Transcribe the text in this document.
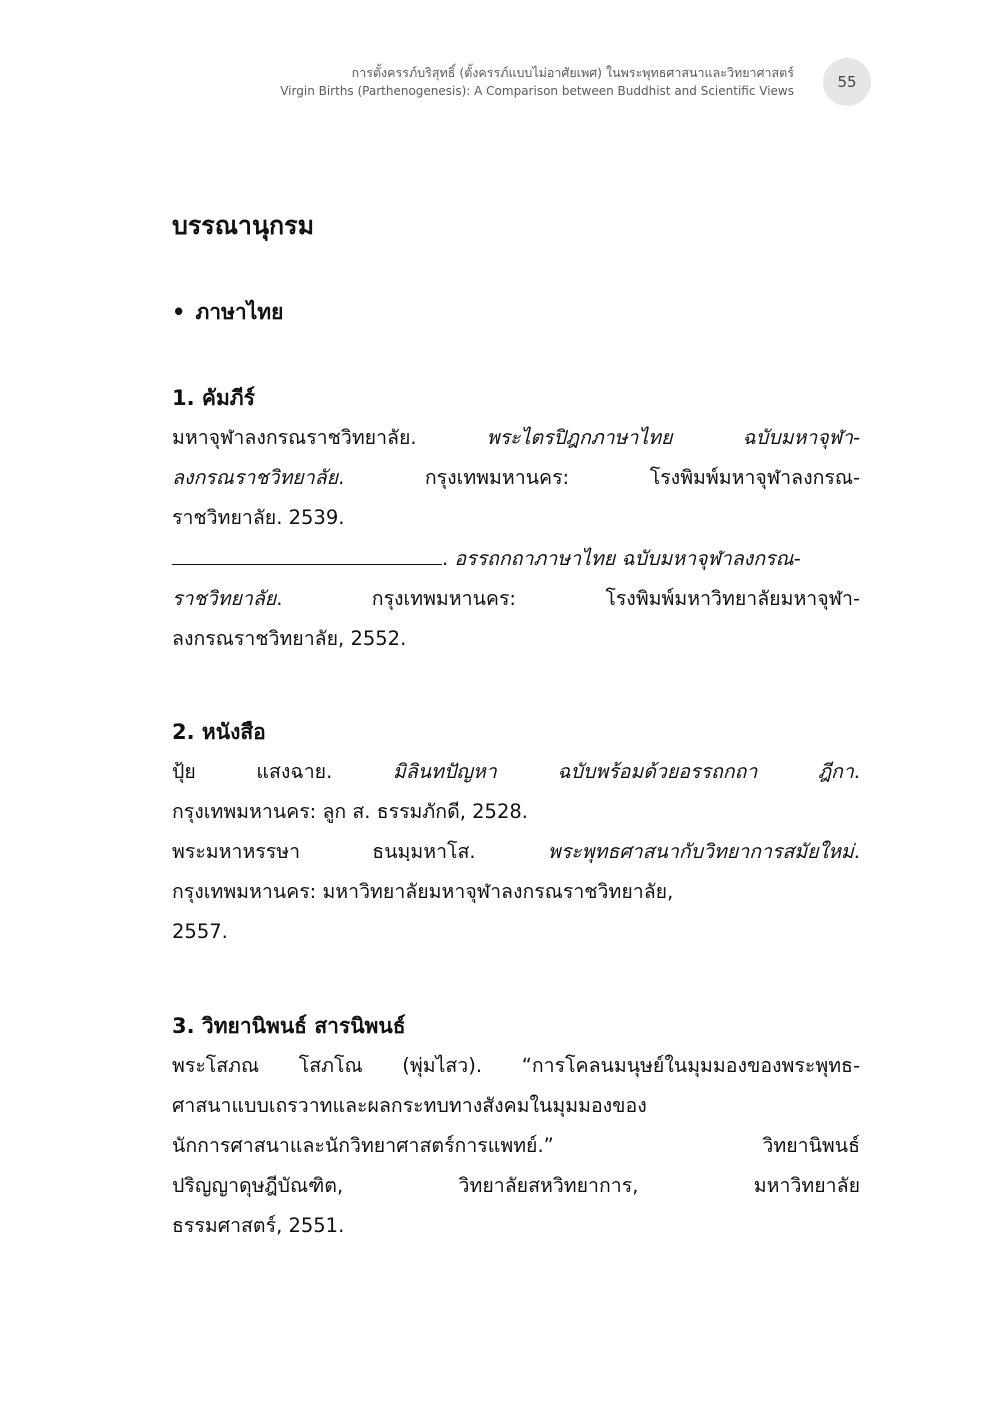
การตั้งครรภ์บริสุทธิ์ (ตั้งครรภ์แบบไม่อาศัยเพศ) ในพระพุทธศาสนาและวิทยาศาสตร์
Virgin Births (Parthenogenesis): A Comparison between Buddhist and Scientific Views	55
บรรณานุกรม
• ภาษาไทย
1. คัมภีร์

มหาจุฬาลงกรณราชวิทยาลัย. พระไตรปิฎกภาษาไทย ฉบับมหาจุฬา-
ลงกรณราชวิทยาลัย. กรุงเทพมหานคร: โรงพิมพ์มหาจุฬาลงกรณ-
ราชวิทยาลัย. 2539.

. อรรถกถาภาษาไทย ฉบับมหาจุฬาลงกรณ-
ราชวิทยาลัย. กรุงเทพมหานคร: โรงพิมพ์มหาวิทยาลัยมหาจุฬา-
ลงกรณราชวิทยาลัย, 2552.

2. หนังสือ

ปุ้ย แสงฉาย. มิลินทปัญหา ฉบับพร้อมด้วยอรรถกถา ฎีกา.
กรุงเทพมหานคร: ลูก ส. ธรรมภักดี, 2528.

พระมหาหรรษา ธนมฺมหาโส. พระพุทธศาสนากับวิทยาการสมัยใหม่.
กรุงเทพมหานคร: มหาวิทยาลัยมหาจุฬาลงกรณราชวิทยาลัย,
2557.

3. วิทยานิพนธ์ สารนิพนธ์

พระโสภณ โสภโณ (พุ่มไสว). “การโคลนมนุษย์ในมุมมองของพระพุทธ-
ศาสนาแบบเถรวาทและผลกระทบทางสังคมในมุมมองของ
นักการศาสนาและนักวิทยาศาสตร์การแพทย์.” วิทยานิพนธ์
ปริญญาดุษฎีบัณฑิต, วิทยาลัยสหวิทยาการ, มหาวิทยาลัย
ธรรมศาสตร์, 2551.
